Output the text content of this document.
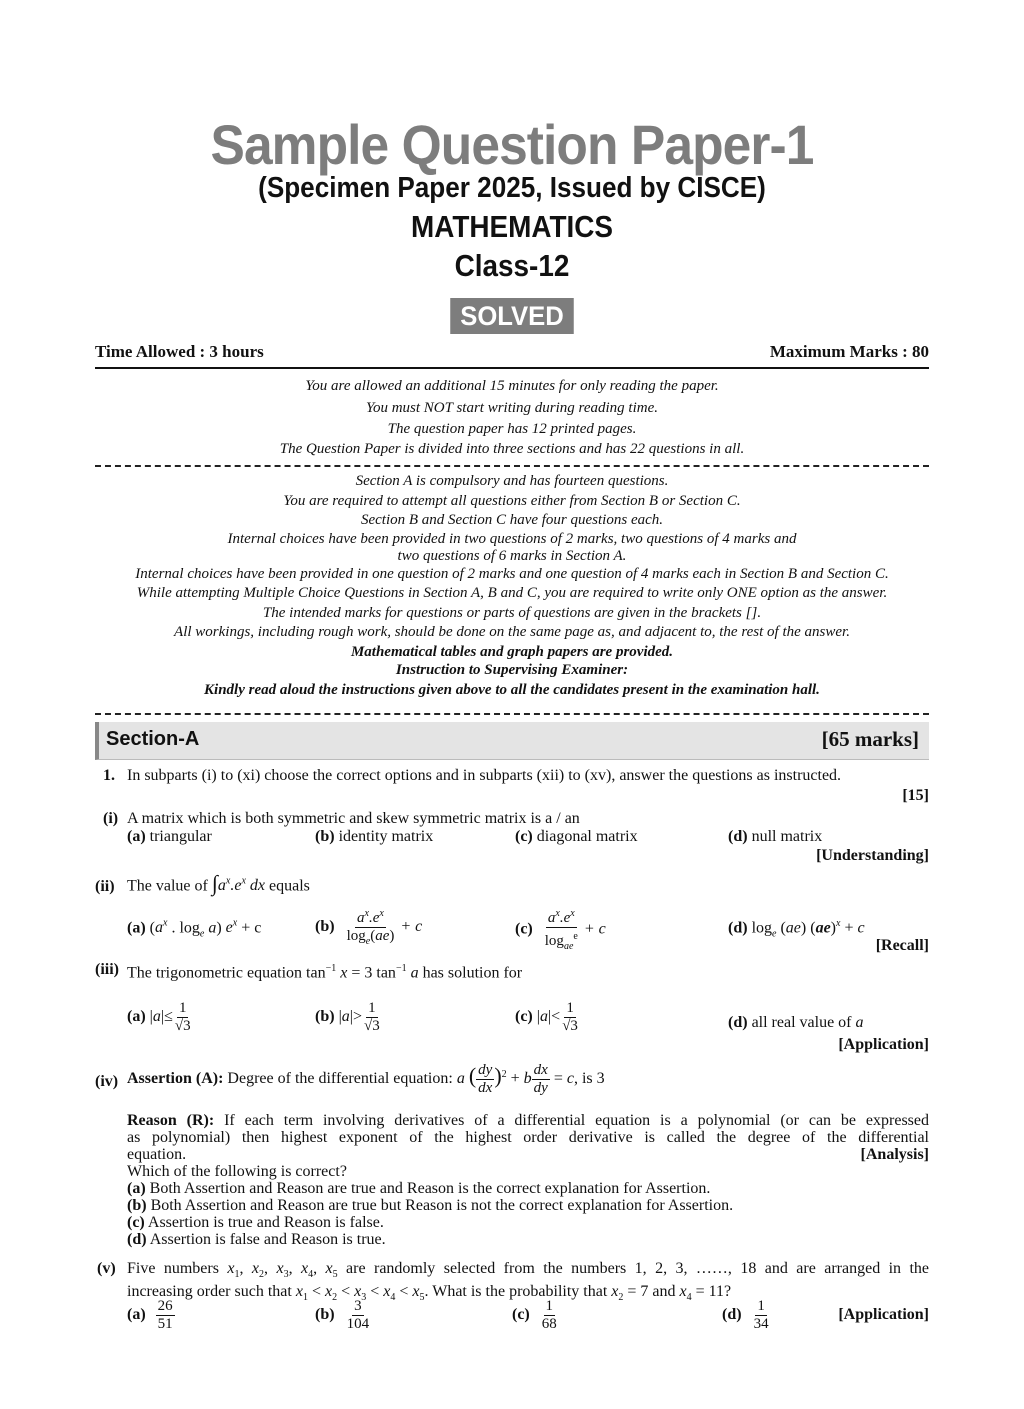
Sample Question Paper-1
(Specimen Paper 2025, Issued by CISCE)
MATHEMATICS
Class-12
SOLVED
Time Allowed : 3 hours	Maximum Marks : 80
You are allowed an additional 15 minutes for only reading the paper.
You must NOT start writing during reading time.
The question paper has 12 printed pages.
The Question Paper is divided into three sections and has 22 questions in all.
Section A is compulsory and has fourteen questions.
You are required to attempt all questions either from Section B or Section C.
Section B and Section C have four questions each.
Internal choices have been provided in two questions of 2 marks, two questions of 4 marks and
two questions of 6 marks in Section A.
Internal choices have been provided in one question of 2 marks and one question of 4 marks each in Section B and Section C.
While attempting Multiple Choice Questions in Section A, B and C, you are required to write only ONE option as the answer.
The intended marks for questions or parts of questions are given in the brackets [].
All workings, including rough work, should be done on the same page as, and adjacent to, the rest of the answer.
Mathematical tables and graph papers are provided.
Instruction to Supervising Examiner:
Kindly read aloud the instructions given above to all the candidates present in the examination hall.
Section-A	[65 marks]
1. In subparts (i) to (xi) choose the correct options and in subparts (xii) to (xv), answer the questions as instructed.
[15]
(i) A matrix which is both symmetric and skew symmetric matrix is a / an
(a) triangular	(b) identity matrix	(c) diagonal matrix	(d) null matrix
[Understanding]
(ii) The value of $\int a^x.e^x$ dx equals
(a) ($a^x$ . $\log_e a$) $e^x + c$	$(b) \frac{a^x.e^x}{\log_e(ae)} + c$	$(c) \frac{a^x.e^x}{\log_{ae}^e} + c$	(d) $\log_e (ae) (ae)^x + c$
[Recall]
(iii) The trigonometric equation $\tan^{-1} x = 3$ $\tan^{-1} a$ has solution for
(a) $|a|\le \frac{1}{√3}$	(b) $|a|> \frac{1}{√3}$	(c) $|a|< \frac{1}{√3}$	(d) all real value of a
[Application]
(iv) Assertion (A): Degree of the differential equation: a ( $\frac{dy}{dx} )^2 + b \frac{dx}{dy} = c$, is 3
Reason (R): If each term involving derivatives of a differential equation is a polynomial (or can be expressed
as polynomial) then highest exponent of the highest order derivative is called the degree of the differential
equation.	[Analysis]
Which of the following is correct?
(a) Both Assertion and Reason are true and Reason is the correct explanation for Assertion.
(b) Both Assertion and Reason are true but Reason is not the correct explanation for Assertion.
(c) Assertion is true and Reason is false.
(d) Assertion is false and Reason is true.
(v) Five numbers $x_1$, $x_2$, $x_3$, $x_4$, $x_5$ are randomly selected from the numbers 1, 2, 3, ……, 18 and are arranged in the
increasing order such that $x_1 < x_2 < x_3 < x_4 < x_5$. What is the probability that $x_2 = 7$ and $x_4 = 11$?
$(a) \frac{26}{51}$	$(b) \frac{3}{104}$	$(c) \frac{1}{68}$	$(d) \frac{1}{34}$	[Application]
